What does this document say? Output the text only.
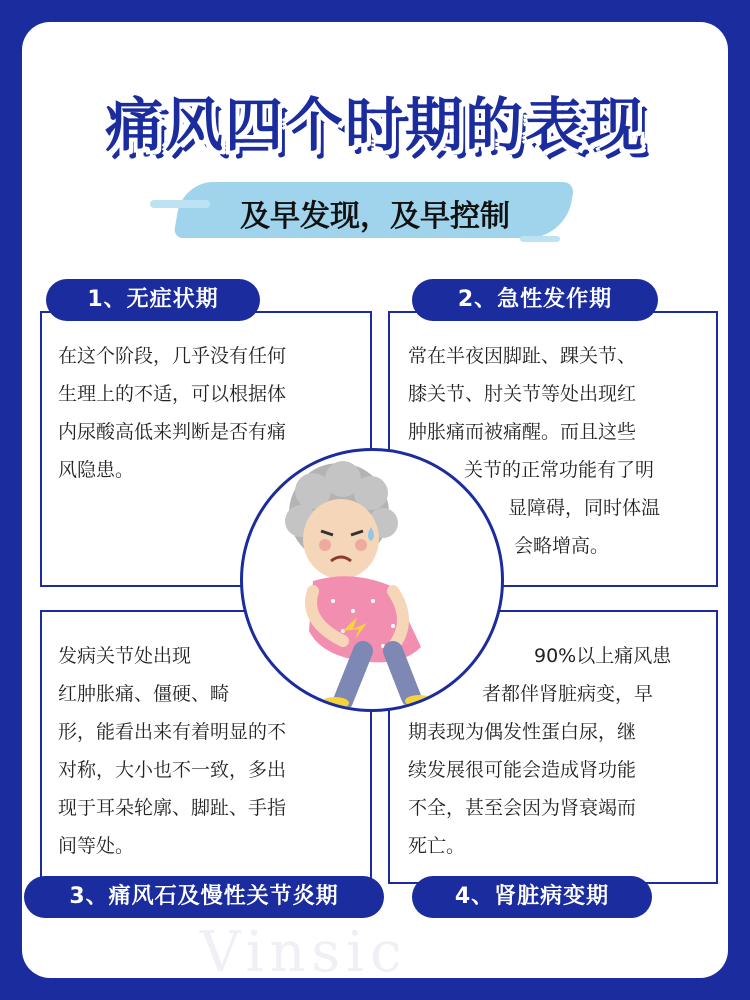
Vinsic
痛风四个时期的表现
及早发现，及早控制
在这个阶段，几乎没有任何
生理上的不适，可以根据体
内尿酸高低来判断是否有痛
风隐患。
常在半夜因脚趾、踝关节、
膝关节、肘关节等处出现红
肿胀痛而被痛醒。而且这些
关节的正常功能有了明
显障碍，同时体温
会略增高。
发病关节处出现
红肿胀痛、僵硬、畸
形，能看出来有着明显的不
对称，大小也不一致，多出
现于耳朵轮廓、脚趾、手指
间等处。
90%以上痛风患
者都伴肾脏病变，早
期表现为偶发性蛋白尿，继
续发展很可能会造成肾功能
不全，甚至会因为肾衰竭而
死亡。
1、无症状期	2、急性发作期
3、痛风石及慢性关节炎期	4、肾脏病变期
